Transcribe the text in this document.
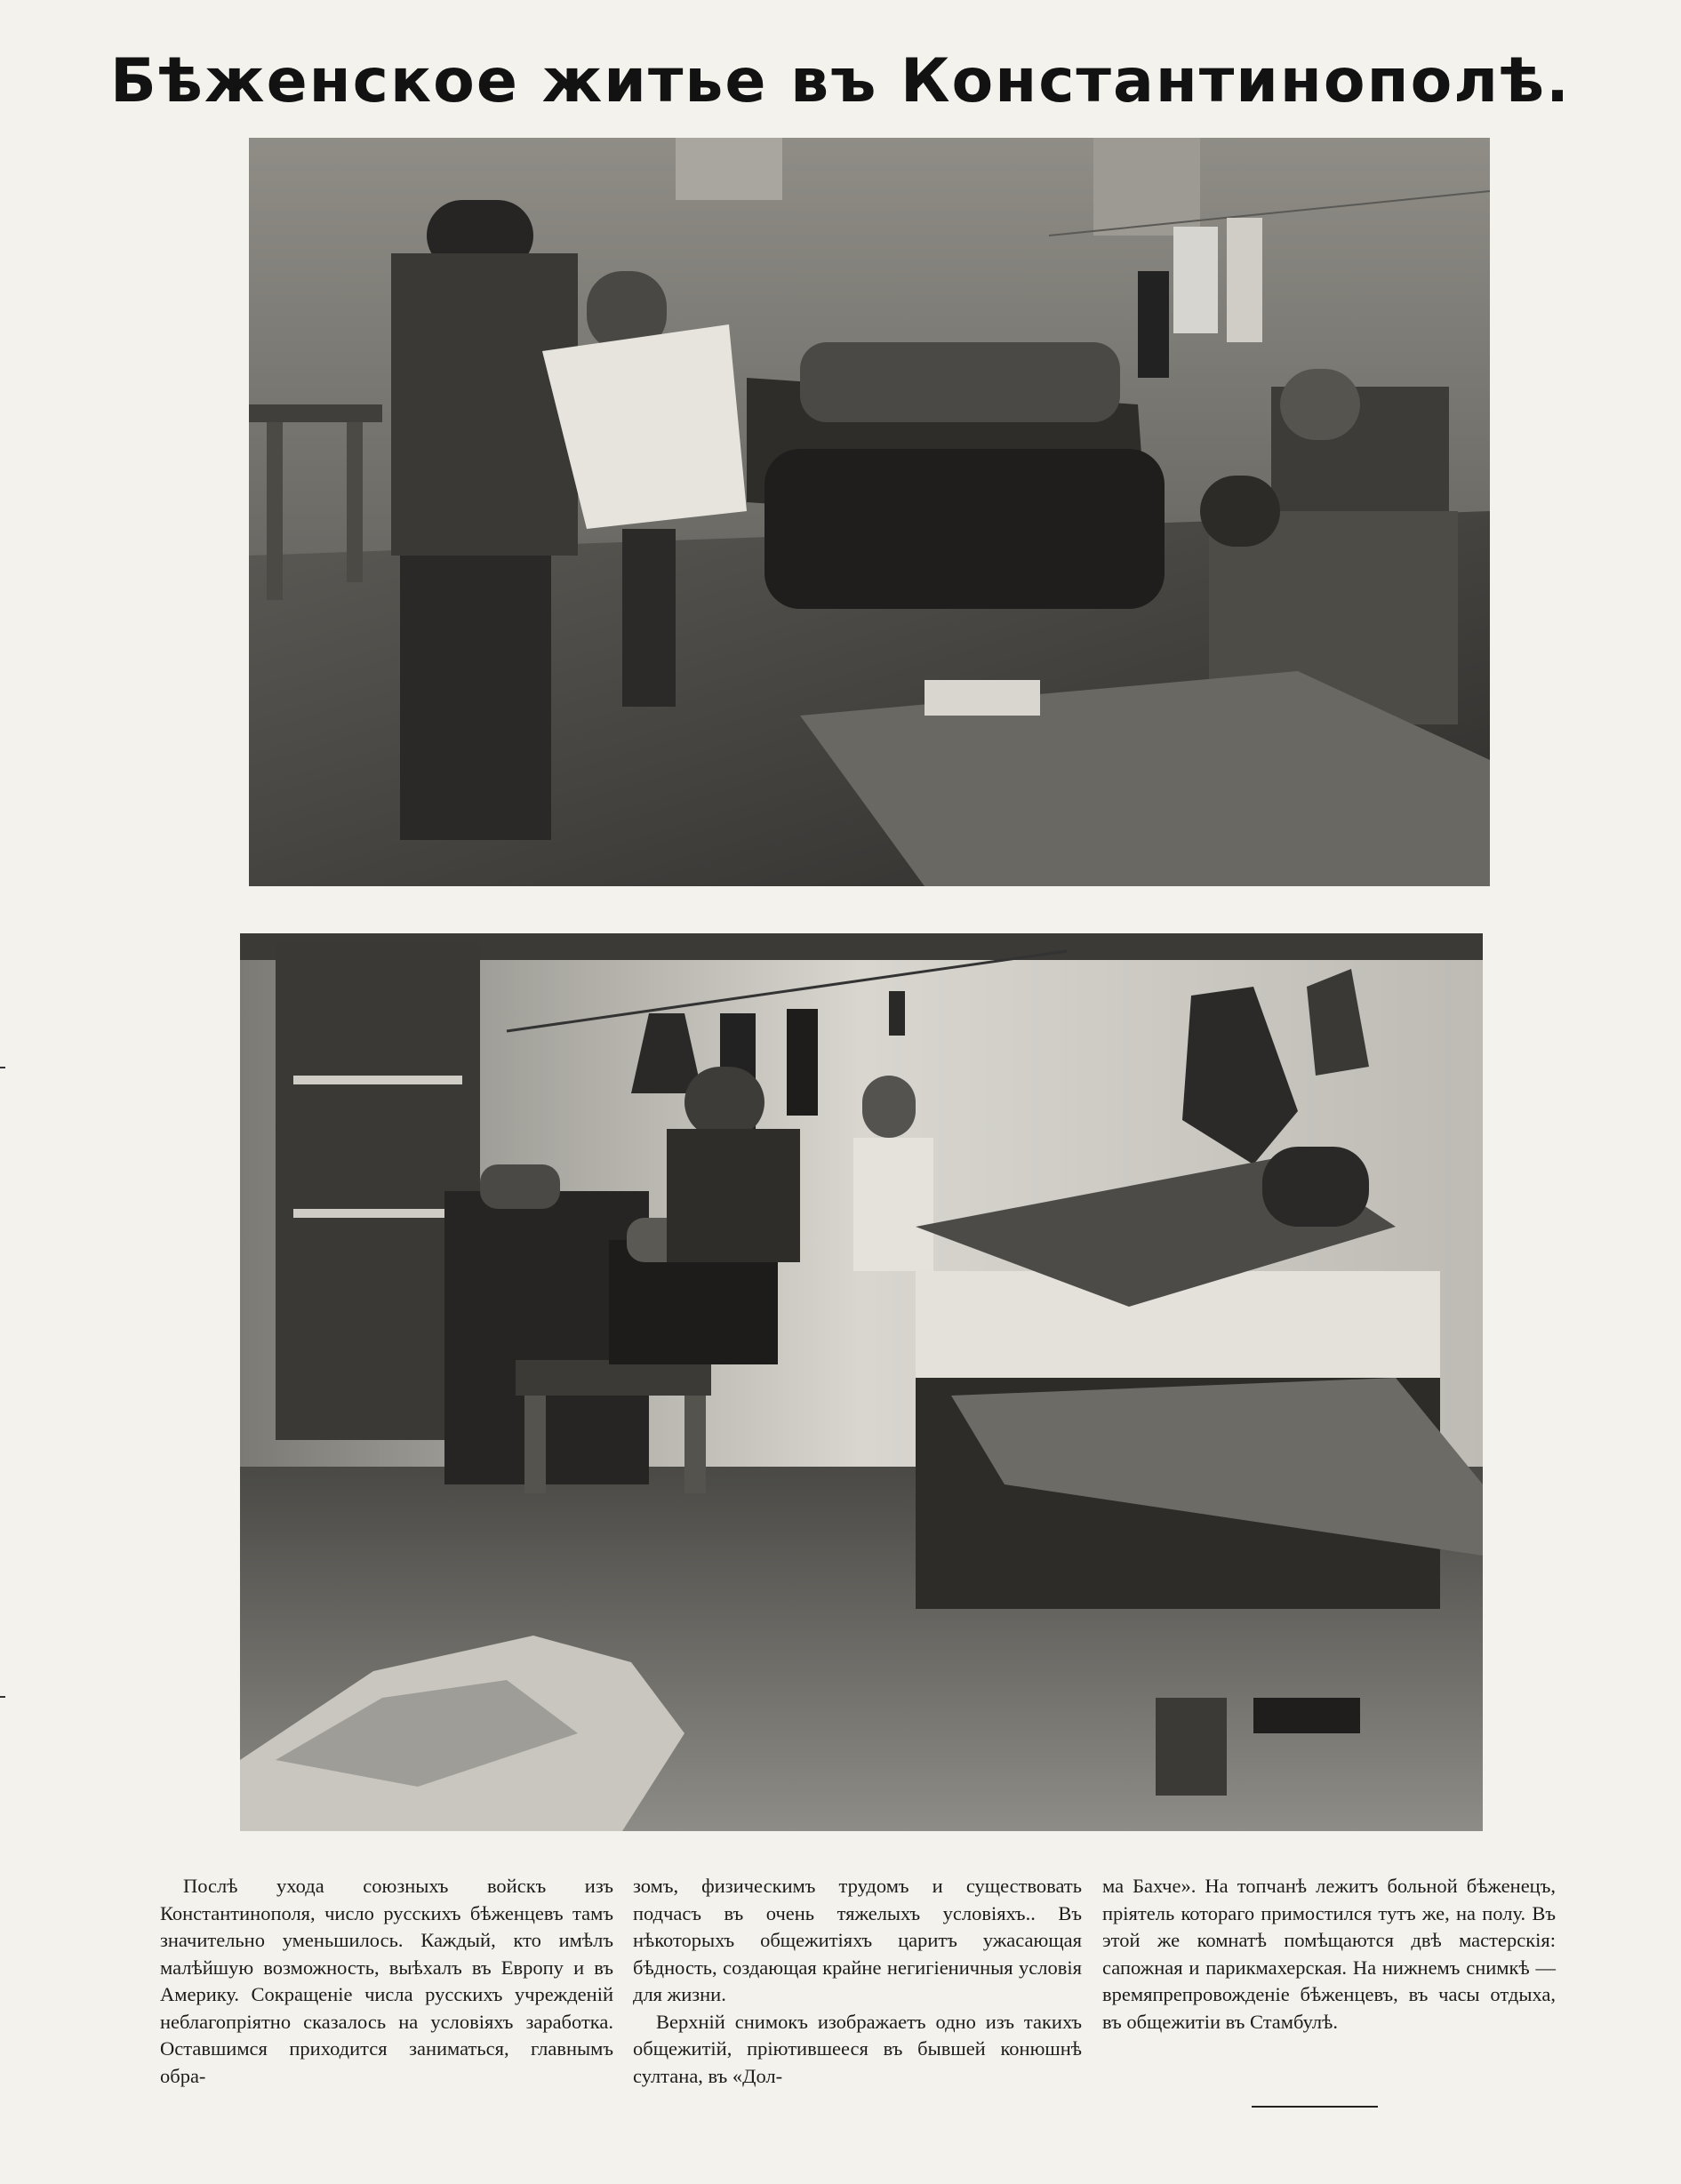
Бѣженское житье въ Константинополѣ.

Послѣ ухода союзныхъ войскъ изъ Константинополя, число русскихъ бѣженцевъ тамъ значительно уменьшилось. Каждый, кто имѣлъ малѣйшую возможность, выѣхалъ въ Европу и въ Америку. Сокращеніе числа русскихъ учрежденій неблагопріятно сказалось на условіяхъ заработка. Оставшимся приходится заниматься, главнымъ обра-

зомъ, физическимъ трудомъ и существовать подчасъ въ очень тяжелыхъ условіяхъ.. Въ нѣкоторыхъ общежитіяхъ царитъ ужасающая бѣдность, создающая крайне негигіеничныя условія для жизни.

Верхній снимокъ изображаетъ одно изъ такихъ общежитій, пріютившееся въ бывшей конюшнѣ султана, въ «Дол-

ма Бахче». На топчанѣ лежитъ больной бѣженецъ, пріятель котораго примостился тутъ же, на полу. Въ этой же комнатѣ помѣщаются двѣ мастерскія: сапожная и парикмахерская. На нижнемъ снимкѣ — времяпрепровожденіе бѣженцевъ, въ часы отдыха, въ общежитіи въ Стамбулѣ.
